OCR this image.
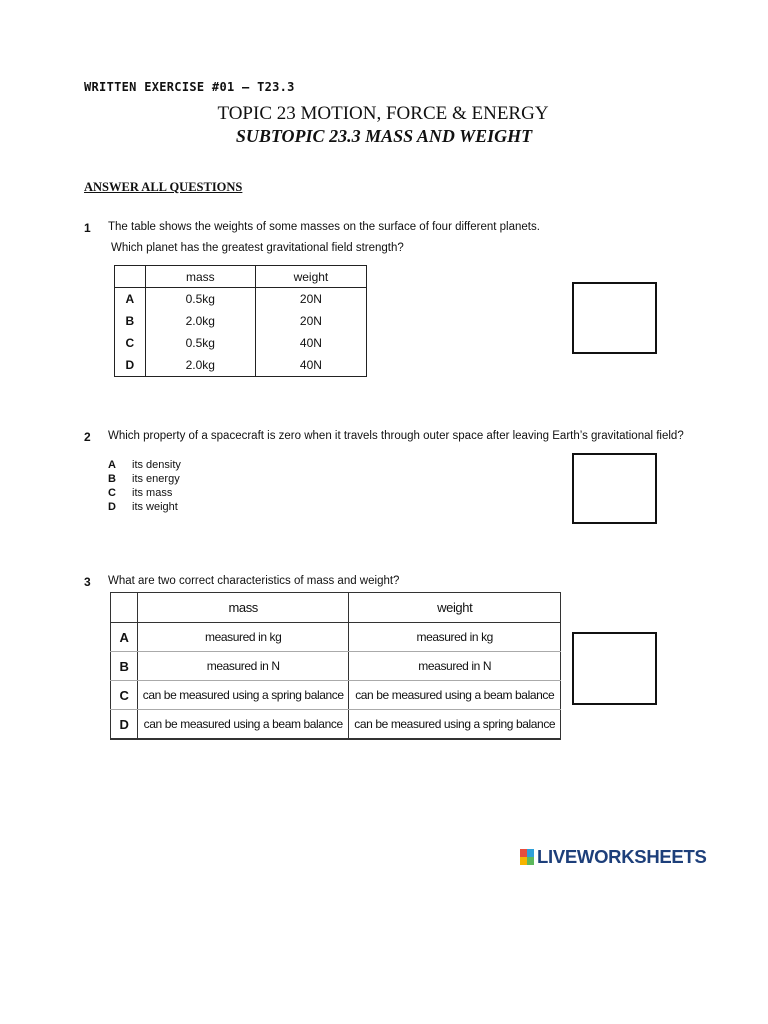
WRITTEN EXERCISE #01 – T23.3
TOPIC 23 MOTION, FORCE & ENERGY
SUBTOPIC 23.3 MASS AND WEIGHT
ANSWER ALL QUESTIONS
1 The table shows the weights of some masses on the surface of four different planets.
Which planet has the greatest gravitational field strength?
	mass	weight
A	0.5kg	20N
B	2.0kg	20N
C	0.5kg	40N
D	2.0kg	40N
2 Which property of a spacecraft is zero when it travels through outer space after leaving Earth’s gravitational field?
A	its density
B	its energy
C	its mass
D	its weight
3 What are two correct characteristics of mass and weight?
	mass	weight
A	measured in kg	measured in kg
B	measured in N	measured in N
C	can be measured using a spring balance	can be measured using a beam balance
D	can be measured using a beam balance	can be measured using a spring balance
LIVEWORKSHEETS
